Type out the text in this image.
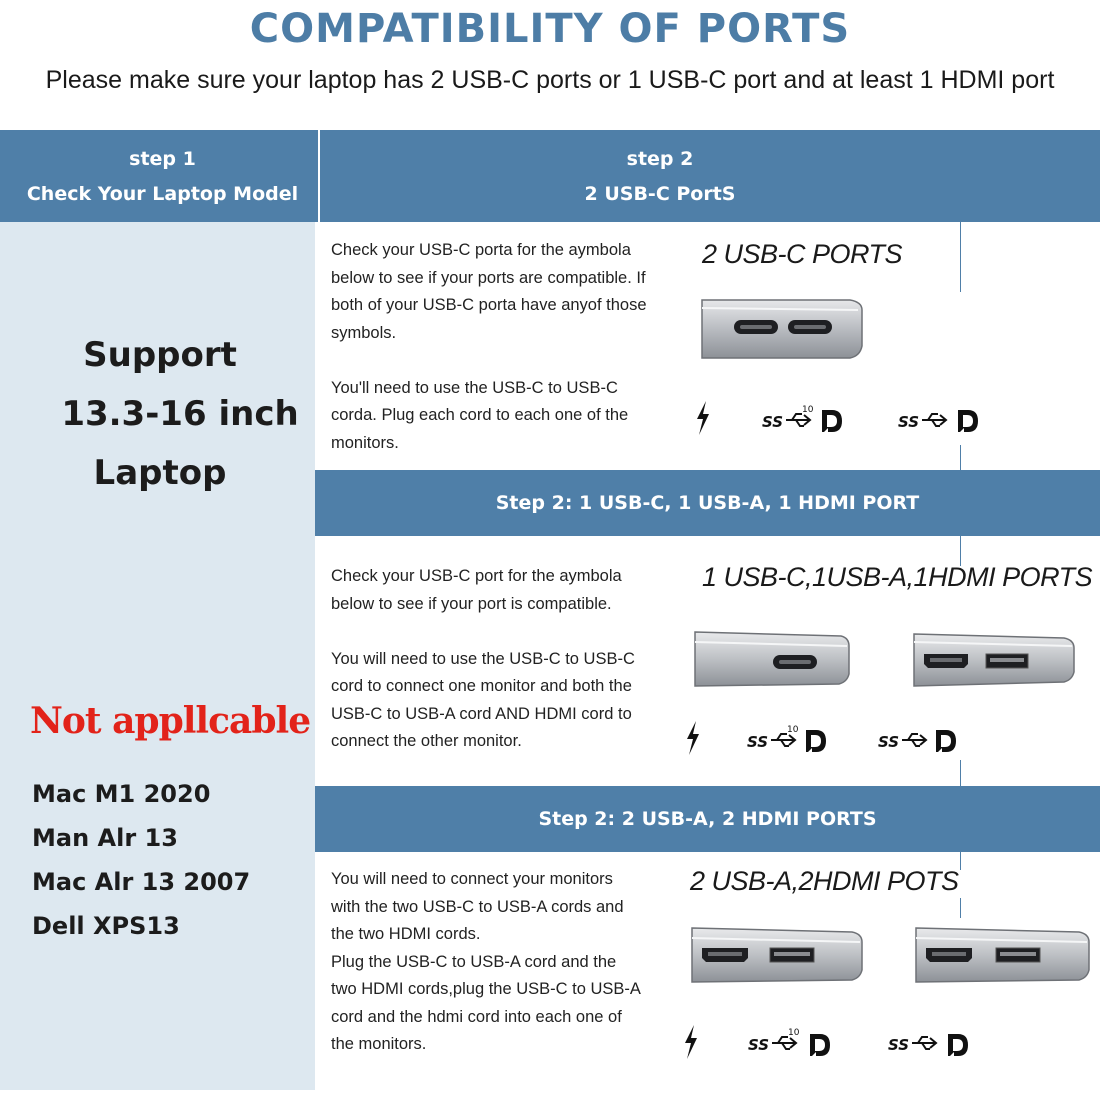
COMPATIBILITY OF PORTS
Please make sure your laptop has 2 USB-C ports or 1 USB-C port and at least 1 HDMI port
step 1
Check Your Laptop Model
step 2
2 USB-C PortS
Support
13.3-16 inch
Laptop
Not appllcable
Mac M1 2020
Man Alr 13
Mac Alr 13 2007
Dell XPS13
Check your USB-C porta for the aymbola
below to see if your ports are compatible. If
both of your USB-C porta have anyof those
symbols.
You'll need to use the USB-C to USB-C
corda. Plug each cord to each one of the
monitors.
2 USB-C PORTS
SS
10
SS
Step 2: 1 USB-C, 1 USB-A, 1 HDMI PORT
Check your USB-C port for the aymbola
below to see if your port is compatible.
You will need to use the USB-C to USB-C
cord to connect one monitor and both the
USB-C to USB-A cord AND HDMI cord to
connect the other monitor.
1 USB-C,1USB-A,1HDMI PORTS
SS
10
SS
Step 2: 2 USB-A, 2 HDMI PORTS
You will need to connect your monitors
with the two USB-C to USB-A cords and
the two HDMI cords.
Plug the USB-C to USB-A cord and the
two HDMI cords,plug the USB-C to USB-A
cord and the hdmi cord into each one of
the monitors.
2 USB-A,2HDMI POTS
SS
10
SS
